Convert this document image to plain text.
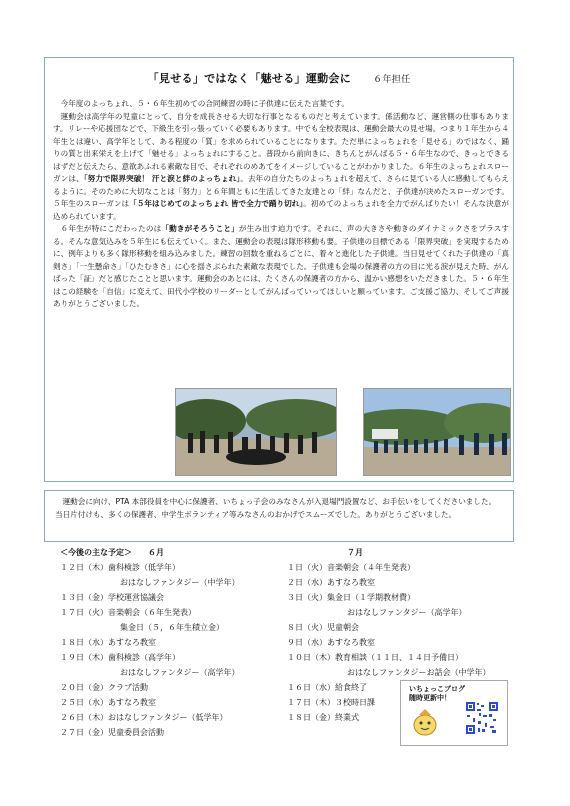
「見せる」ではなく「魅せる」運動会に ６年担任

今年度のよっちょれ、５・６年生初めての合同練習の時に子供達に伝えた言葉です。

運動会は高学年の児童にとって、自分を成長させる大切な行事となるものだと考えています。係活動など、運営側の仕事もあります。リレーや応援団などで、下級生を引っ張っていく必要もあります。中でも全校表現は、運動会最大の見せ場。つまり１年生から４年生とは違い、高学年として、ある程度の「質」を求められていることになります。ただ単によっちょれを「見せる」のではなく、踊りの質と出来栄えを上げて「魅せる」よっちょれにすること。普段から前向きに、きちんとがんばる５・６年生なので、きっとできるはずだと伝えたら、意欲あふれる素敵な目で、それぞれのめあてをイメージしていることがわかりました。６年生のよっちょれスローガンは、「努力で限界突破！ 汗と涙と絆のよっちょれ」。去年の自分たちのよっちょれを超えて、さらに見ている人に感動してもらえるように。そのために大切なことは「努力」と６年間ともに生活してきた友達との「絆」なんだと、子供達が決めたスローガンです。５年生のスローガンは「５年はじめてのよっちょれ 皆で全力で踊り切れ」。初めてのよっちょれを全力でがんばりたい！そんな決意が込められています。

６年生が特にこだわったのは「動きがそろうこと」が生み出す迫力です。それに、声の大きさや動きのダイナミックさをプラスする。そんな意気込みを５年生にも伝えていく。また、運動会の表現は隊形移動も要。子供達の目標である「限界突破」を実現するために、例年よりも多く隊形移動を組み込みました。練習の回数を重ねるごとに、着々と進化した子供達。当日見せてくれた子供達の「真剣さ」「一生懸命さ」「ひたむきさ」に心を揺さぶられた素敵な表現でした。子供達も会場の保護者の方の目に光る涙が見えた時、がんばった「証」だと感じたことと思います。運動会のあとには、たくさんの保護者の方から、温かい感想をいただきました。５・６年生はこの経験を「自信」に変えて、田代小学校のリーダーとしてがんばっていってほしいと願っています。ご支援ご協力、そしてご声援ありがとうございました。

運動会に向け、PTA 本部役員を中心に保護者、いちょっ子会のみなさんが入退場門設置など、お手伝いをしてくださいました。当日片付けも、多くの保護者、中学生ボランティア等みなさんのおかげでスムーズでした。ありがとうございました。

＜今後の主な予定＞　　 ６月
１２日（木）歯科検診（低学年）
おはなしファンタジー（中学年）
１３日（金）学校運営協議会
１７日（火）音楽朝会（６年生発表）
集金日（５，６年生積立金）
１８日（水）あすなろ教室
１９日（木）歯科検診（高学年）
おはなしファンタジー（高学年）
２０日（金）クラブ活動
２５日（水）あすなろ教室
２６日（木）おはなしファンタジー（低学年）
２７日（金）児童委員会活動
７月
１日（火）音楽朝会（４年生発表）
２日（水）あすなろ教室
３日（火）集金日（１学期教材費）
おはなしファンタジー（高学年）
８日（火）児童朝会
９日（水）あすなろ教室
１０日（木）教育相談（１１日、１４日予備日）
おはなしファンタジーお話会（中学年）
１６日（水）給食終了
１７日（木）３校時日課
１８日（金）終業式
いちょっこブログ
随時更新中！
